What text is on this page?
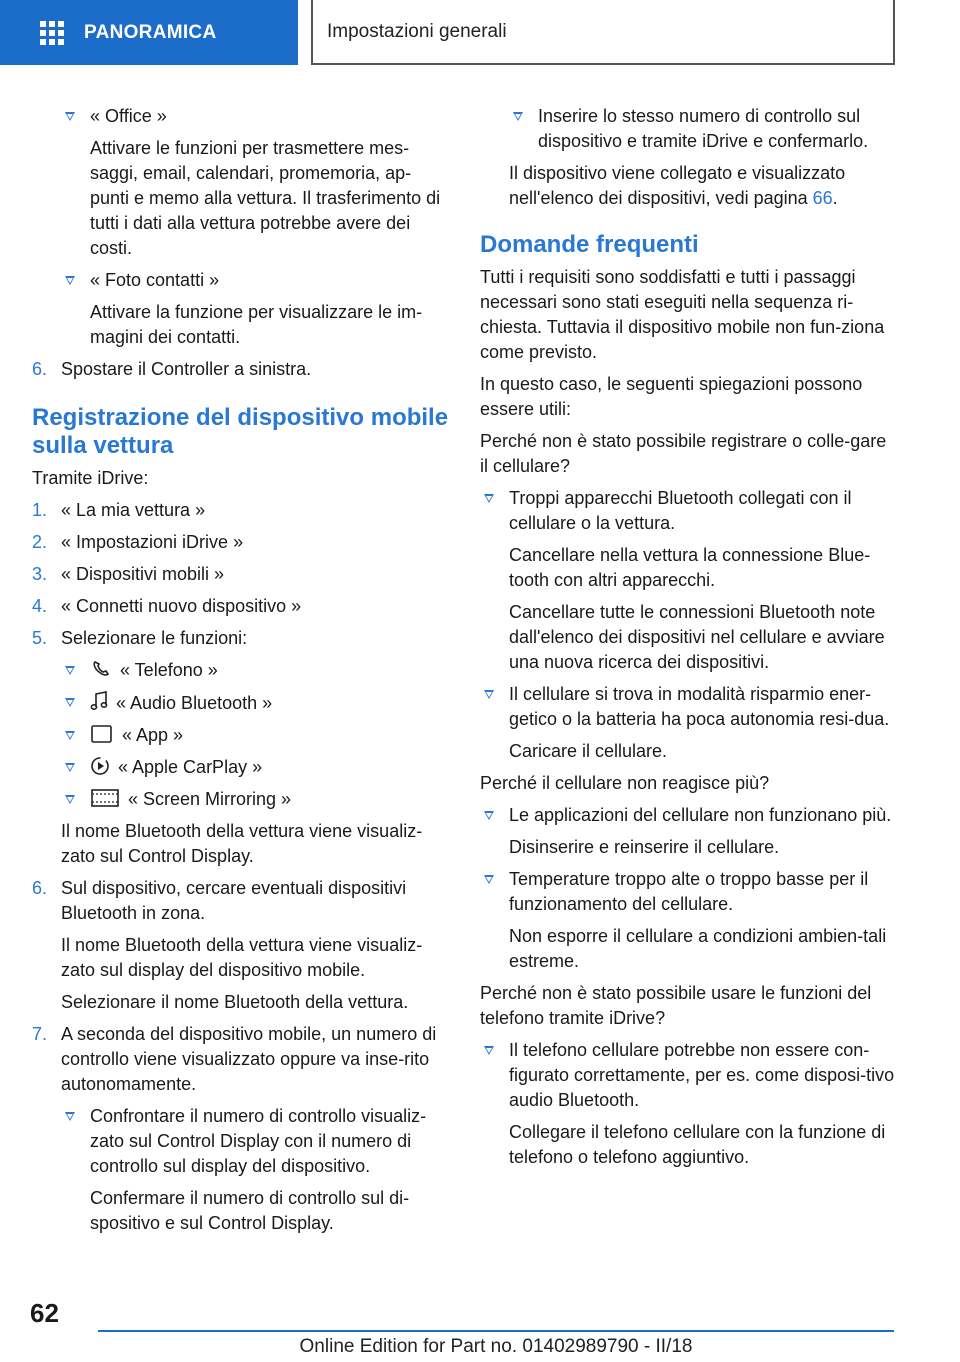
PANORAMICA	Impostazioni generali

« Office »

Attivare le funzioni per trasmettere mes‐saggi, email, calendari, promemoria, ap‐punti e memo alla vettura. Il trasferimento di tutti i dati alla vettura potrebbe avere dei costi.

« Foto contatti »

Attivare la funzione per visualizzare le im‐magini dei contatti.

6. Spostare il Controller a sinistra.
Registrazione del dispositivo mobile sulla vettura

Tramite iDrive:

1. « La mia vettura »
2. « Impostazioni iDrive »
3. « Dispositivi mobili »
4. « Connetti nuovo dispositivo »
5. Selezionare le funzioni:
« Telefono »
« Audio Bluetooth »
« App »
« Apple CarPlay »
« Screen Mirroring »

Il nome Bluetooth della vettura viene visualiz‐zato sul Control Display.

6. Sul dispositivo, cercare eventuali dispositivi Bluetooth in zona.

Il nome Bluetooth della vettura viene visualiz‐zato sul display del dispositivo mobile.

Selezionare il nome Bluetooth della vettura.

7. A seconda del dispositivo mobile, un numero di controllo viene visualizzato oppure va inse‐rito autonomamente.

Confrontare il numero di controllo visualiz‐zato sul Control Display con il numero di controllo sul display del dispositivo.

Confermare il numero di controllo sul di‐spositivo e sul Control Display.

Inserire lo stesso numero di controllo sul dispositivo e tramite iDrive e confermarlo.

Il dispositivo viene collegato e visualizzato nell'elenco dei dispositivi, vedi pagina 66.

Domande frequenti

Tutti i requisiti sono soddisfatti e tutti i passaggi necessari sono stati eseguiti nella sequenza ri‐chiesta. Tuttavia il dispositivo mobile non fun‐ziona come previsto.

In questo caso, le seguenti spiegazioni possono essere utili:

Perché non è stato possibile registrare o colle‐gare il cellulare?

Troppi apparecchi Bluetooth collegati con il cellulare o la vettura.

Cancellare nella vettura la connessione Blue‐tooth con altri apparecchi.

Cancellare tutte le connessioni Bluetooth note dall'elenco dei dispositivi nel cellulare e avviare una nuova ricerca dei dispositivi.

Il cellulare si trova in modalità risparmio ener‐getico o la batteria ha poca autonomia resi‐dua.

Caricare il cellulare.

Perché il cellulare non reagisce più?

Le applicazioni del cellulare non funzionano più.

Disinserire e reinserire il cellulare.

Temperature troppo alte o troppo basse per il funzionamento del cellulare.

Non esporre il cellulare a condizioni ambien‐tali estreme.

Perché non è stato possibile usare le funzioni del telefono tramite iDrive?

Il telefono cellulare potrebbe non essere con‐figurato correttamente, per es. come disposi‐tivo audio Bluetooth.

Collegare il telefono cellulare con la funzione di telefono o telefono aggiuntivo.

62
Online Edition for Part no. 01402989790 - II/18
